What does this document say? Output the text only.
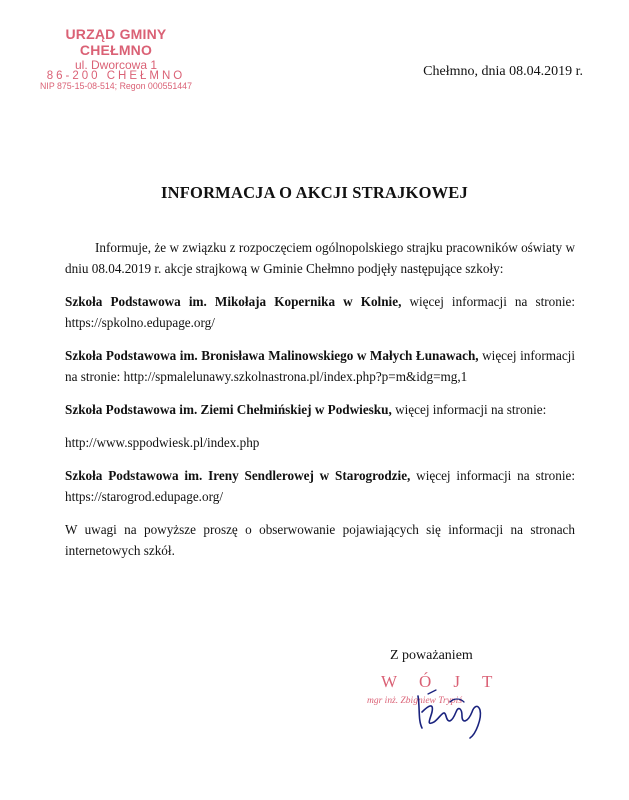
URZĄD GMINY CHEŁMNO
ul. Dworcowa 1
86-200 CHEŁMNO
NIP 875-15-08-514; Regon 000551447
Chełmno, dnia 08.04.2019 r.
INFORMACJA O AKCJI STRAJKOWEJ

Informuje, że w związku z rozpoczęciem ogólnopolskiego strajku pracowników oświaty w dniu 08.04.2019 r. akcje strajkową w Gminie Chełmno podjęły następujące szkoły:

Szkoła Podstawowa im. Mikołaja Kopernika w Kolnie, więcej informacji na stronie: https://spkolno.edupage.org/

Szkoła Podstawowa im. Bronisława Malinowskiego w Małych Łunawach, więcej informacji na stronie: http://spmalelunawy.szkolnastrona.pl/index.php?p=m&idg=mg,1

Szkoła Podstawowa im. Ziemi Chełmińskiej w Podwiesku, więcej informacji na stronie:

http://www.sppodwiesk.pl/index.php

Szkoła Podstawowa im. Ireny Sendlerowej w Starogrodzie, więcej informacji na stronie: https://starogrod.edupage.org/

W uwagi na powyższe proszę o obserwowanie pojawiających się informacji na stronach internetowych szkół.

Z poważaniem
WÓJT
mgr inż. Zbigniew Trypiś
